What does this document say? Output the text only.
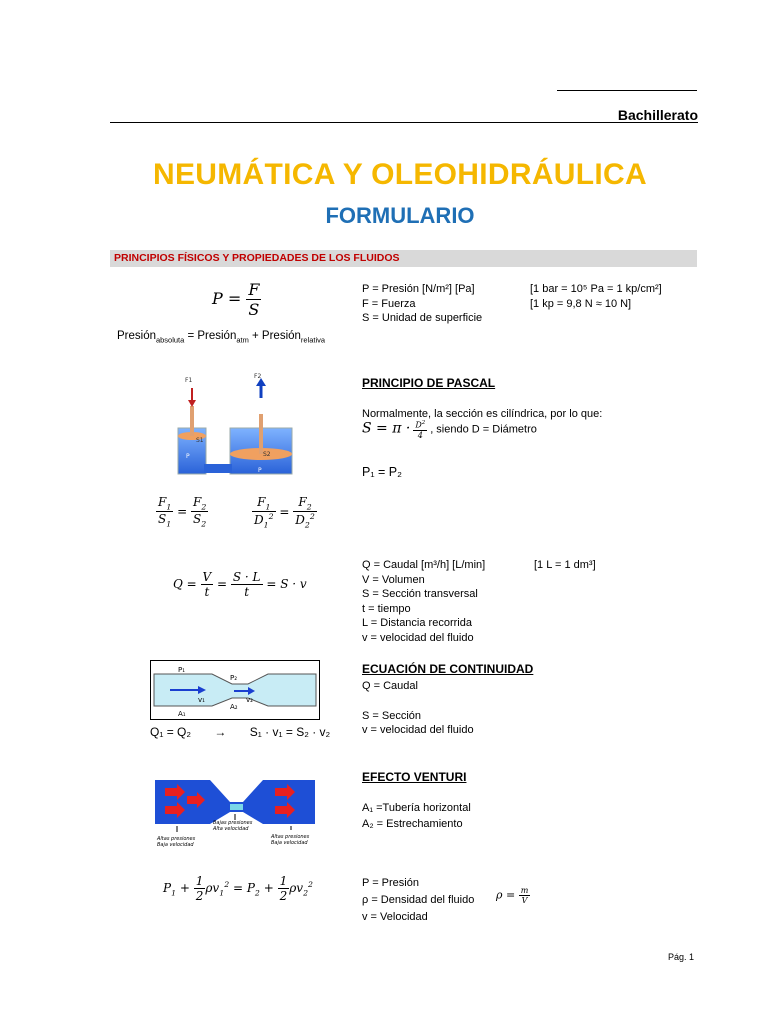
Bachillerato
NEUMÁTICA Y OLEOHIDRÁULICA
FORMULARIO
PRINCIPIOS FÍSICOS Y PROPIEDADES DE LOS FLUIDOS
$P = \frac{F}{S}$	P = Presión [N/m²] [Pa]
F = Fuerza
S = Unidad de superficie
[1 bar = 10⁵ Pa = 1 kp/cm²]
[1 kp = 9,8 N ≈ 10 N]
Presión$_{absoluta}$ = Presión$_{atm}$ + Presión$_{relativa}$
F1
F2
S1
S2
P
P
PRINCIPIO DE PASCAL
Normalmente, la sección es cilíndrica, por lo que:
$S = \pi \cdot \frac{D^2}{4}$ , siendo D = Diámetro
P₁ = P₂
$\frac{F_1}{S_1} = \frac{F_2}{S_2}$	$\frac{F_1}{D_1^2} = \frac{F_2}{D_2^2}$
$Q = \frac{V}{t} = \frac{S \cdot L}{t} = S \cdot v$
Q = Caudal [m³/h] [L/min]
V = Volumen
S = Sección transversal
t = tiempo
L = Distancia recorrida
v = velocidad del fluido
[1 L = 1 dm³]
P₁
P₂
v₁	v₂
A₁
A₂
Q₁ = Q₂ → S₁ · v₁ = S₂ · v₂
ECUACIÓN DE CONTINUIDAD
Q = Caudal
S = Sección
v = velocidad del fluido
Bajas presiones
Alta velocidad
Altas presiones
Baja velocidad
Altas presiones
Baja velocidad
EFECTO VENTURI
A₁ =Tubería horizontal
A₂ = Estrechamiento
$P_1 + \frac{1}{2} \rho v_1^2 = P_2 + \frac{1}{2} \rho v_2^2$	P = Presión
ρ = Densidad del fluido $\rho = \frac{m}{V}$
v = Velocidad
Pág. 1
